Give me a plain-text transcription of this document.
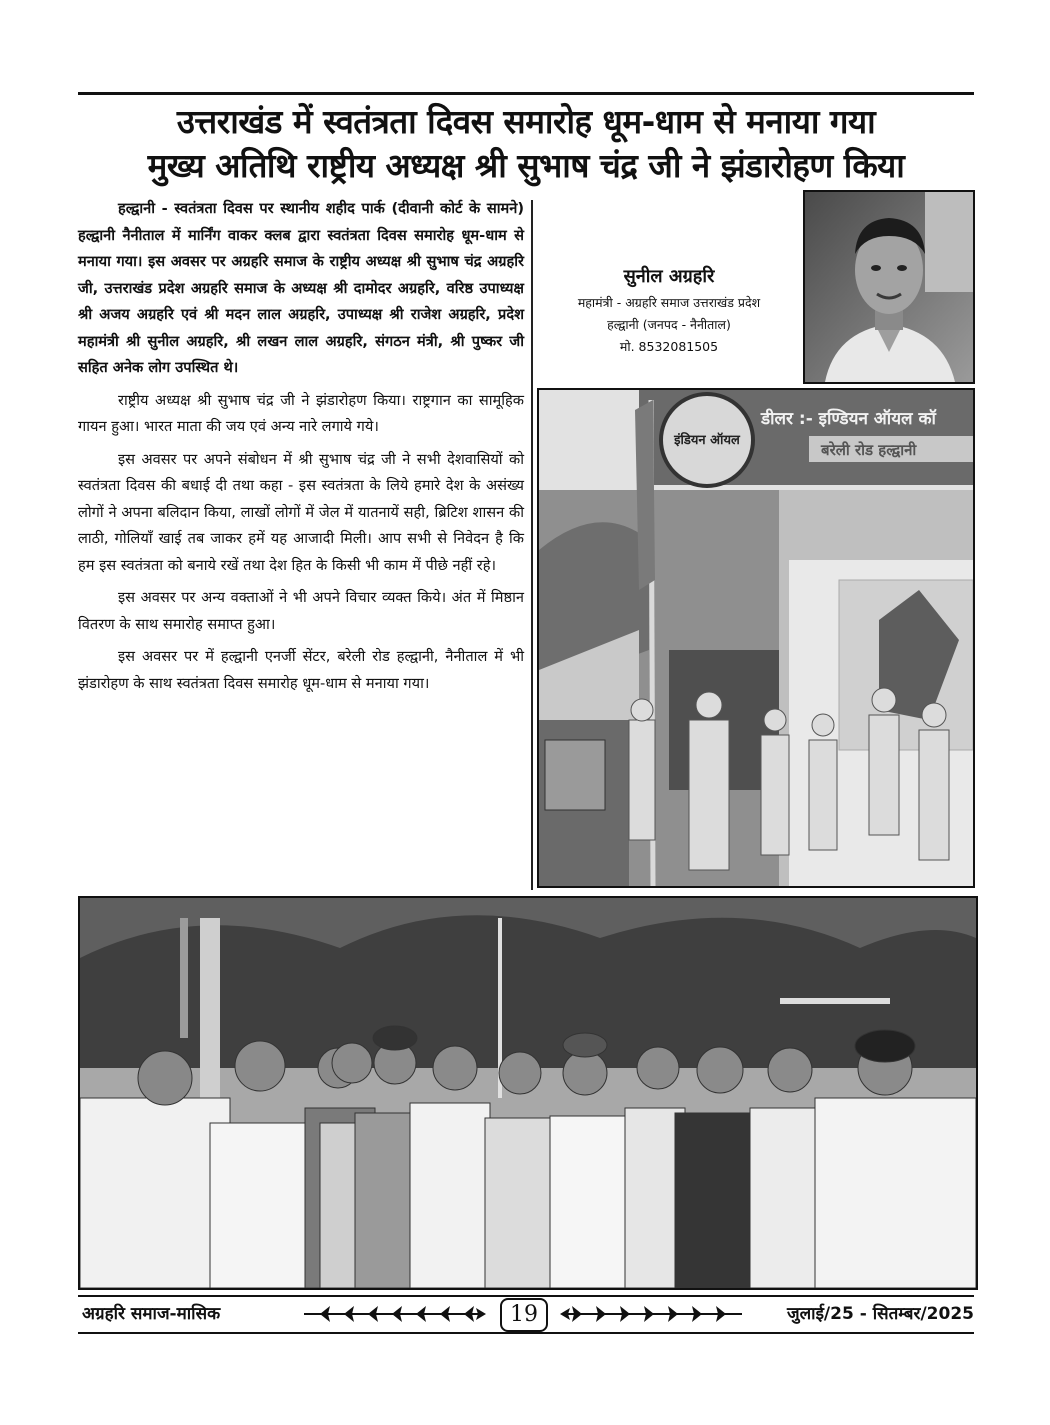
उत्तराखंड में स्वतंत्रता दिवस समारोह धूम-धाम से मनाया गया
मुख्य अतिथि राष्ट्रीय अध्यक्ष श्री सुभाष चंद्र जी ने झंडारोहण किया

हल्द्वानी - स्वतंत्रता दिवस पर स्थानीय शहीद पार्क (दीवानी कोर्ट के सामने) हल्द्वानी नैनीताल में मार्निंग वाकर क्लब द्वारा स्वतंत्रता दिवस समारोह धूम-धाम से मनाया गया। इस अवसर पर अग्रहरि समाज के राष्ट्रीय अध्यक्ष श्री सुभाष चंद्र अग्रहरि जी, उत्तराखंड प्रदेश अग्रहरि समाज के अध्यक्ष श्री दामोदर अग्रहरि, वरिष्ठ उपाध्यक्ष श्री अजय अग्रहरि एवं श्री मदन लाल अग्रहरि, उपाध्यक्ष श्री राजेश अग्रहरि, प्रदेश महामंत्री श्री सुनील अग्रहरि, श्री लखन लाल अग्रहरि, संगठन मंत्री, श्री पुष्कर जी सहित अनेक लोग उपस्थित थे।

राष्ट्रीय अध्यक्ष श्री सुभाष चंद्र जी ने झंडारोहण किया। राष्ट्रगान का सामूहिक गायन हुआ। भारत माता की जय एवं अन्य नारे लगाये गये।

इस अवसर पर अपने संबोधन में श्री सुभाष चंद्र जी ने सभी देशवासियों को स्वतंत्रता दिवस की बधाई दी तथा कहा - इस स्वतंत्रता के लिये हमारे देश के असंख्य लोगों ने अपना बलिदान किया, लाखों लोगों में जेल में यातनायें सही, ब्रिटिश शासन की लाठी, गोलियाँ खाई तब जाकर हमें यह आजादी मिली। आप सभी से निवेदन है कि हम इस स्वतंत्रता को बनाये रखें तथा देश हित के किसी भी काम में पीछे नहीं रहे।

इस अवसर पर अन्य वक्ताओं ने भी अपने विचार व्यक्त किये। अंत में मिष्ठान वितरण के साथ समारोह समाप्त हुआ।

इस अवसर पर में हल्द्वानी एनर्जी सेंटर, बरेली रोड हल्द्वानी, नैनीताल में भी झंडारोहण के साथ स्वतंत्रता दिवस समारोह धूम-धाम से मनाया गया।

सुनील अग्रहरि
महामंत्री - अग्रहरि समाज उत्तराखंड प्रदेश
हल्द्वानी (जनपद - नैनीताल)
मो. 8532081505
इंडियन ऑयल
डीलर :- इण्डियन ऑयल कॉ
बरेली रोड हल्द्वानी
अग्रहरि समाज-मासिक	19	जुलाई/25 - सितम्बर/2025
